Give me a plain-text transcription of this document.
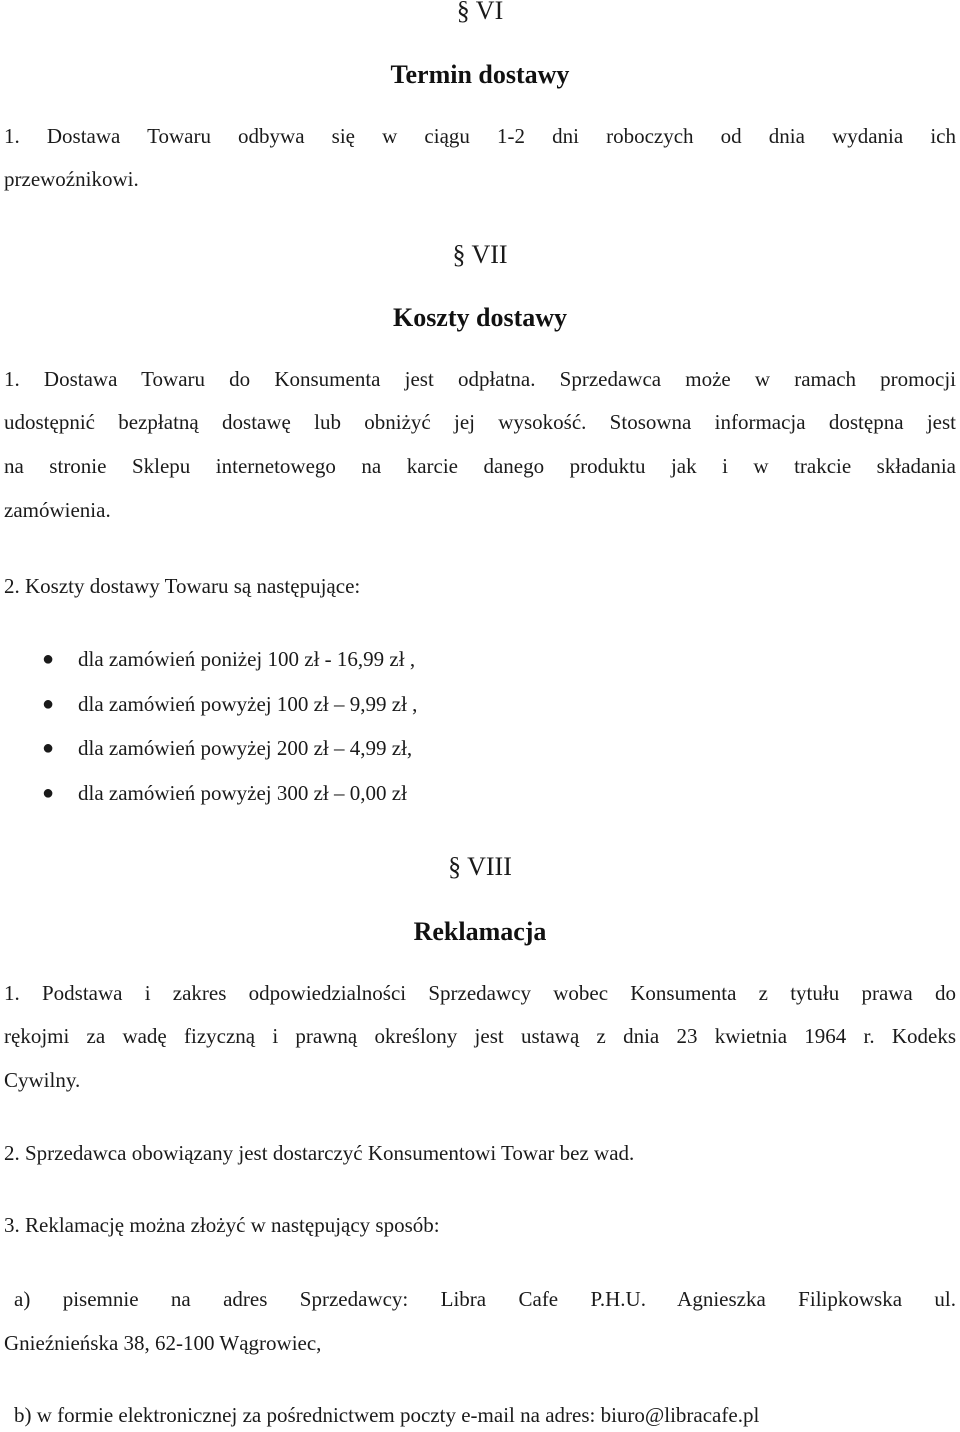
§ VI
Termin dostawy
1. Dostawa Towaru odbywa się w ciągu 1-2 dni roboczych od dnia wydania ich
przewoźnikowi.
§ VII
Koszty dostawy
1. Dostawa Towaru do Konsumenta jest odpłatna. Sprzedawca może w ramach promocji
udostępnić bezpłatną dostawę lub obniżyć jej wysokość. Stosowna informacja dostępna jest
na stronie Sklepu internetowego na karcie danego produktu jak i w trakcie składania
zamówienia.
2. Koszty dostawy Towaru są następujące:
● dla zamówień poniżej 100 zł - 16,99 zł ,
● dla zamówień powyżej 100 zł – 9,99 zł ,
● dla zamówień powyżej 200 zł – 4,99 zł,
● dla zamówień powyżej 300 zł – 0,00 zł
§ VIII
Reklamacja
1. Podstawa i zakres odpowiedzialności Sprzedawcy wobec Konsumenta z tytułu prawa do
rękojmi za wadę fizyczną i prawną określony jest ustawą z dnia 23 kwietnia 1964 r. Kodeks
Cywilny.
2. Sprzedawca obowiązany jest dostarczyć Konsumentowi Towar bez wad.
3. Reklamację można złożyć w następujący sposób:
a) pisemnie na adres Sprzedawcy: Libra Cafe P.H.U. Agnieszka Filipkowska ul.
Gnieźnieńska 38, 62-100 Wągrowiec,
b) w formie elektronicznej za pośrednictwem poczty e-mail na adres: biuro@libracafe.pl
